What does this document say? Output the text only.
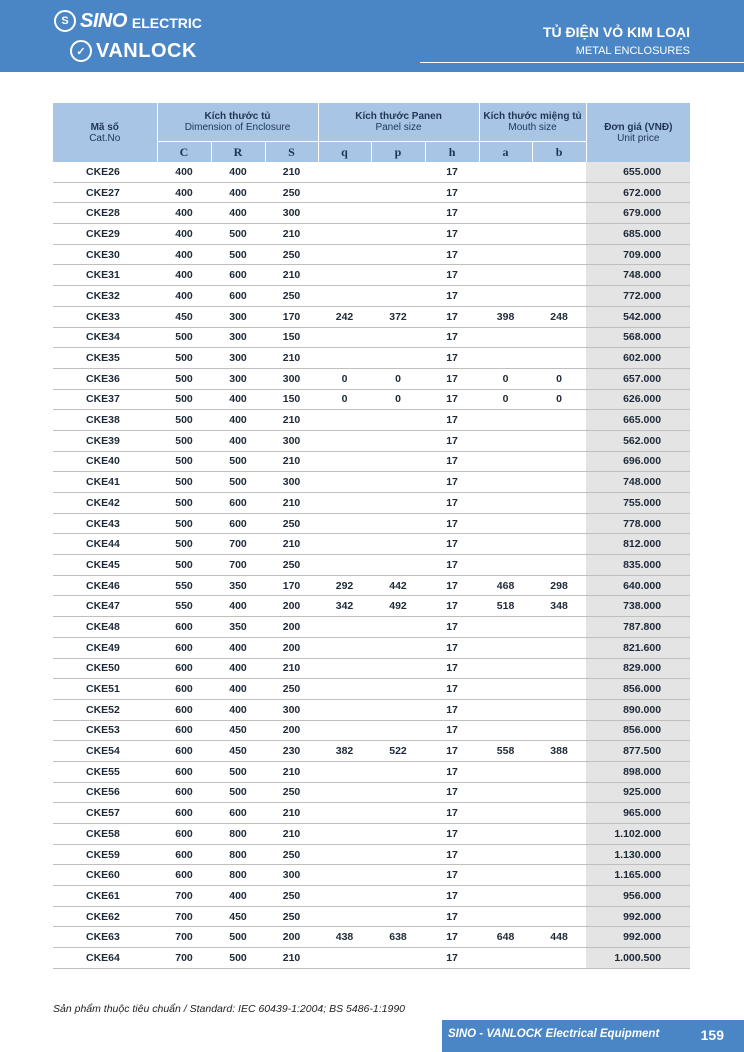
S SINO ELECTRIC
✓ VANLOCK
TỦ ĐIỆN VỎ KIM LOẠI
METAL ENCLOSURES
Mã số
Cat.No	Kích thước tủ
Dimension of Enclosure			Kích thước Panen
Panel size			Kích thước miệng tủ
Mouth size		Đơn giá (VNĐ)
Unit price
	C	R	S	q	p	h	a	b	
CKE26	400	400	210			17			655.000
CKE27	400	400	250			17			672.000
CKE28	400	400	300			17			679.000
CKE29	400	500	210			17			685.000
CKE30	400	500	250			17			709.000
CKE31	400	600	210			17			748.000
CKE32	400	600	250			17			772.000
CKE33	450	300	170	242	372	17	398	248	542.000
CKE34	500	300	150			17			568.000
CKE35	500	300	210			17			602.000
CKE36	500	300	300	0	0	17	0	0	657.000
CKE37	500	400	150	0	0	17	0	0	626.000
CKE38	500	400	210			17			665.000
CKE39	500	400	300			17			562.000
CKE40	500	500	210			17			696.000
CKE41	500	500	300			17			748.000
CKE42	500	600	210			17			755.000
CKE43	500	600	250			17			778.000
CKE44	500	700	210			17			812.000
CKE45	500	700	250			17			835.000
CKE46	550	350	170	292	442	17	468	298	640.000
CKE47	550	400	200	342	492	17	518	348	738.000
CKE48	600	350	200			17			787.800
CKE49	600	400	200			17			821.600
CKE50	600	400	210			17			829.000
CKE51	600	400	250			17			856.000
CKE52	600	400	300			17			890.000
CKE53	600	450	200			17			856.000
CKE54	600	450	230	382	522	17	558	388	877.500
CKE55	600	500	210			17			898.000
CKE56	600	500	250			17			925.000
CKE57	600	600	210			17			965.000
CKE58	600	800	210			17			1.102.000
CKE59	600	800	250			17			1.130.000
CKE60	600	800	300			17			1.165.000
CKE61	700	400	250			17			956.000
CKE62	700	450	250			17			992.000
CKE63	700	500	200	438	638	17	648	448	992.000
CKE64	700	500	210			17			1.000.500
Sản phẩm thuộc tiêu chuẩn / Standard: IEC 60439-1:2004; BS 5486-1:1990
SINO - VANLOCK Electrical Equipment	159
